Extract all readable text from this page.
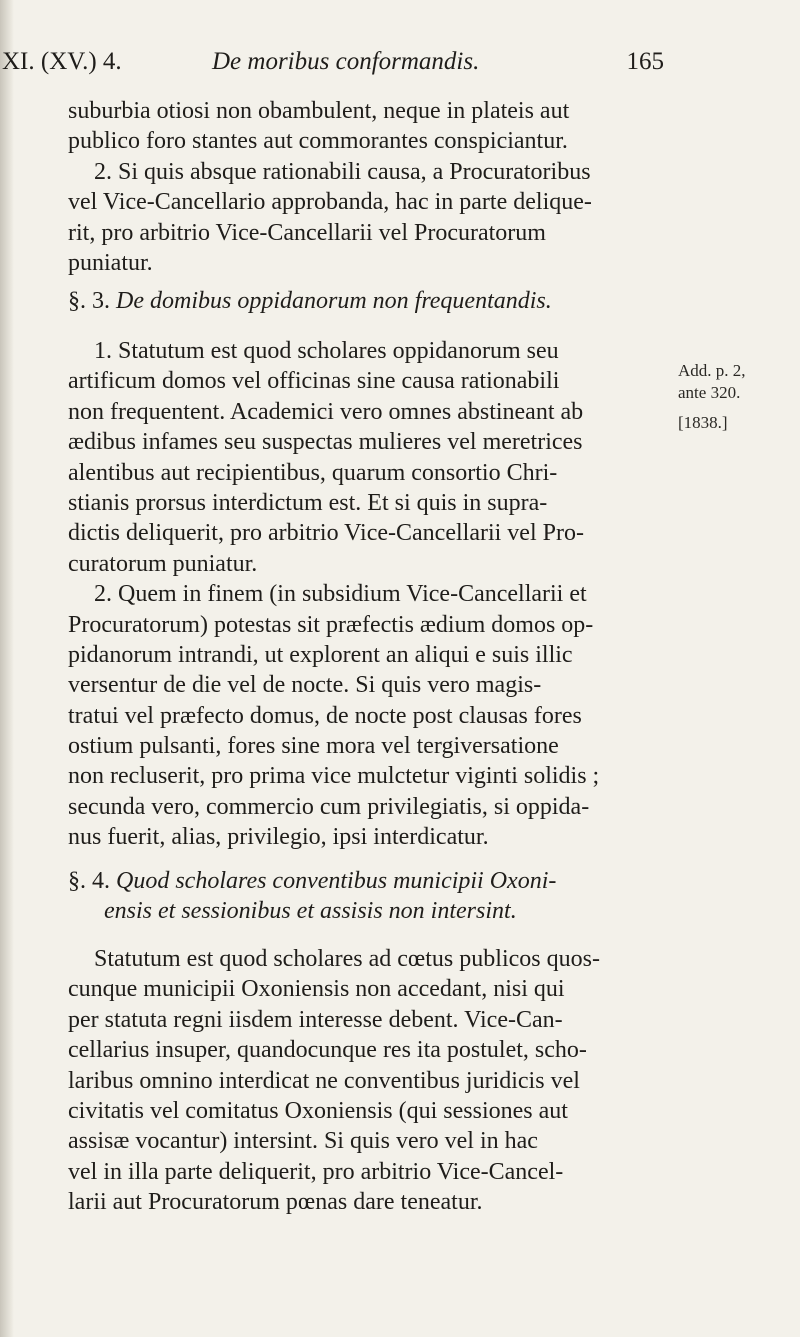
XI. (XV.) 4.	De moribus conformandis.	165
suburbia otiosi non obambulent, neque in plateis aut
publico foro stantes aut commorantes conspiciantur.
2. Si quis absque rationabili causa, a Procuratoribus
vel Vice-Cancellario approbanda, hac in parte delique-
rit, pro arbitrio Vice-Cancellarii vel Procuratorum
puniatur.
§. 3. De domibus oppidanorum non frequentandis.
1. Statutum est quod scholares oppidanorum seu
artificum domos vel officinas sine causa rationabili
non frequentent. Academici vero omnes abstineant ab
ædibus infames seu suspectas mulieres vel meretrices
alentibus aut recipientibus, quarum consortio Chri-
stianis prorsus interdictum est. Et si quis in supra-
dictis deliquerit, pro arbitrio Vice-Cancellarii vel Pro-
curatorum puniatur.
2. Quem in finem (in subsidium Vice-Cancellarii et
Procuratorum) potestas sit præfectis ædium domos op-
pidanorum intrandi, ut explorent an aliqui e suis illic
versentur de die vel de nocte. Si quis vero magis-
tratui vel præfecto domus, de nocte post clausas fores
ostium pulsanti, fores sine mora vel tergiversatione
non recluserit, pro prima vice mulctetur viginti solidis ;
secunda vero, commercio cum privilegiatis, si oppida-
nus fuerit, alias, privilegio, ipsi interdicatur.
Add. p. 2,
ante 320.
[1838.]
§. 4. Quod scholares conventibus municipii Oxoni-
ensis et sessionibus et assisis non intersint.
Statutum est quod scholares ad cœtus publicos quos-
cunque municipii Oxoniensis non accedant, nisi qui
per statuta regni iisdem interesse debent. Vice-Can-
cellarius insuper, quandocunque res ita postulet, scho-
laribus omnino interdicat ne conventibus juridicis vel
civitatis vel comitatus Oxoniensis (qui sessiones aut
assisæ vocantur) intersint. Si quis vero vel in hac
vel in illa parte deliquerit, pro arbitrio Vice-Cancel-
larii aut Procuratorum pœnas dare teneatur.
